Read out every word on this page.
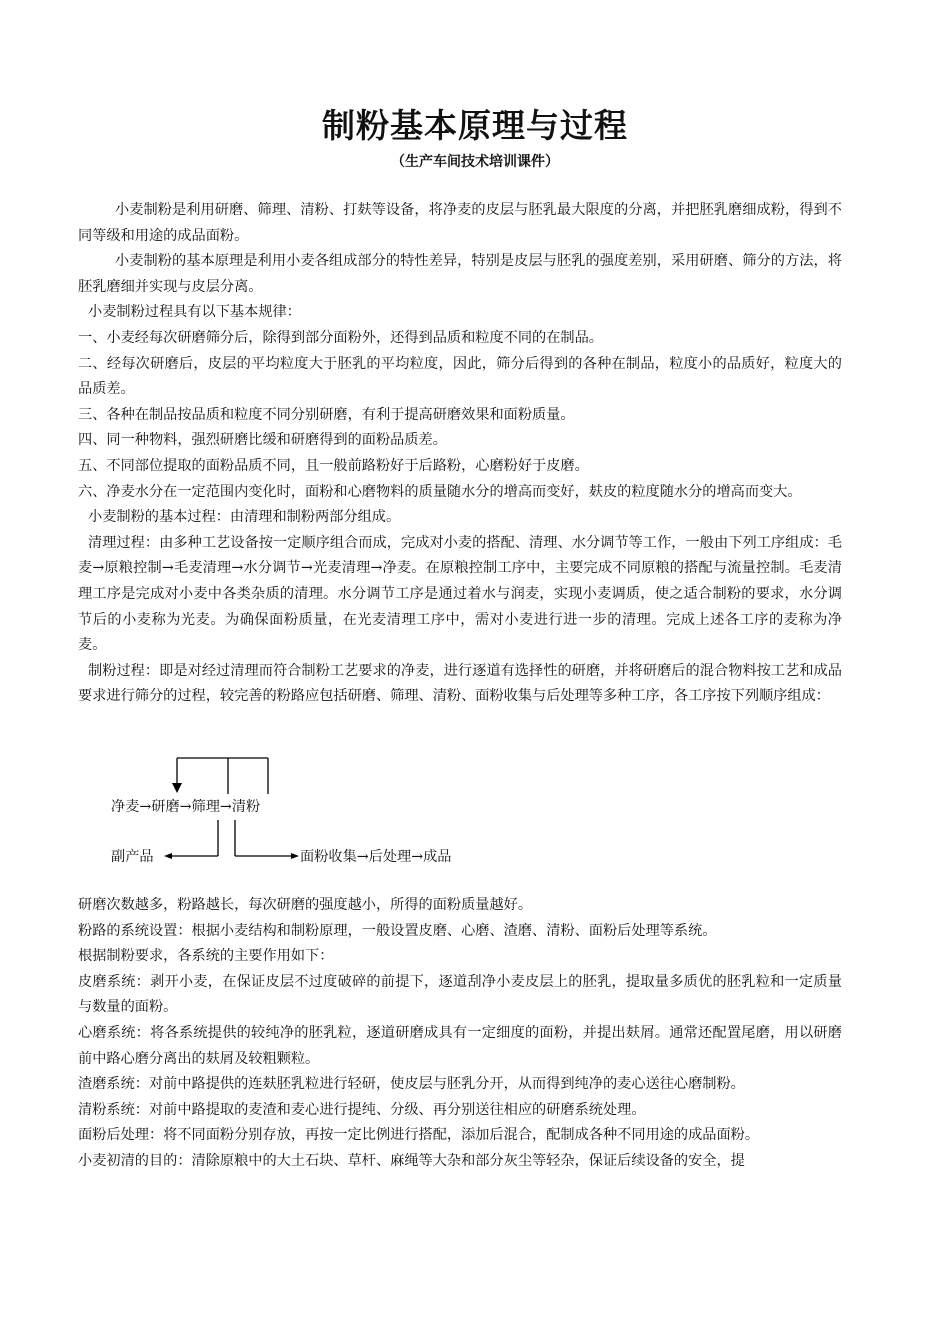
制粉基本原理与过程
（生产车间技术培训课件）

小麦制粉是利用研磨、筛理、清粉、打麸等设备，将净麦的皮层与胚乳最大限度的分离，并把胚乳磨细成粉，得到不同等级和用途的成品面粉。

小麦制粉的基本原理是利用小麦各组成部分的特性差异，特别是皮层与胚乳的强度差别，采用研磨、筛分的方法，将胚乳磨细并实现与皮层分离。

小麦制粉过程具有以下基本规律：

一、小麦经每次研磨筛分后，除得到部分面粉外，还得到品质和粒度不同的在制品。

二、经每次研磨后，皮层的平均粒度大于胚乳的平均粒度，因此，筛分后得到的各种在制品，粒度小的品质好，粒度大的品质差。

三、各种在制品按品质和粒度不同分别研磨，有利于提高研磨效果和面粉质量。

四、同一种物料，强烈研磨比缓和研磨得到的面粉品质差。

五、不同部位提取的面粉品质不同，且一般前路粉好于后路粉，心磨粉好于皮磨。

六、净麦水分在一定范围内变化时，面粉和心磨物料的质量随水分的增高而变好，麸皮的粒度随水分的增高而变大。

小麦制粉的基本过程：由清理和制粉两部分组成。

清理过程：由多种工艺设备按一定顺序组合而成，完成对小麦的搭配、清理、水分调节等工作，一般由下列工序组成：毛麦→原粮控制→毛麦清理→水分调节→光麦清理→净麦。在原粮控制工序中，主要完成不同原粮的搭配与流量控制。毛麦清理工序是完成对小麦中各类杂质的清理。水分调节工序是通过着水与润麦，实现小麦调质，使之适合制粉的要求，水分调节后的小麦称为光麦。为确保面粉质量，在光麦清理工序中，需对小麦进行进一步的清理。完成上述各工序的麦称为净麦。

制粉过程：即是对经过清理而符合制粉工艺要求的净麦，进行逐道有选择性的研磨，并将研磨后的混合物料按工艺和成品要求进行筛分的过程，较完善的粉路应包括研磨、筛理、清粉、面粉收集与后处理等多种工序，各工序按下列顺序组成：

净麦→研磨→筛理→清粉
副产品	面粉收集→后处理→成品

研磨次数越多，粉路越长，每次研磨的强度越小，所得的面粉质量越好。

粉路的系统设置：根据小麦结构和制粉原理，一般设置皮磨、心磨、渣磨、清粉、面粉后处理等系统。

根据制粉要求，各系统的主要作用如下：

皮磨系统：剥开小麦，在保证皮层不过度破碎的前提下，逐道刮净小麦皮层上的胚乳，提取量多质优的胚乳粒和一定质量与数量的面粉。

心磨系统：将各系统提供的较纯净的胚乳粒，逐道研磨成具有一定细度的面粉，并提出麸屑。通常还配置尾磨，用以研磨前中路心磨分离出的麸屑及较粗颗粒。

渣磨系统：对前中路提供的连麸胚乳粒进行轻研，使皮层与胚乳分开，从而得到纯净的麦心送往心磨制粉。

清粉系统：对前中路提取的麦渣和麦心进行提纯、分级、再分别送往相应的研磨系统处理。

面粉后处理：将不同面粉分别存放，再按一定比例进行搭配，添加后混合，配制成各种不同用途的成品面粉。

小麦初清的目的：清除原粮中的大土石块、草杆、麻绳等大杂和部分灰尘等轻杂，保证后续设备的安全，提
